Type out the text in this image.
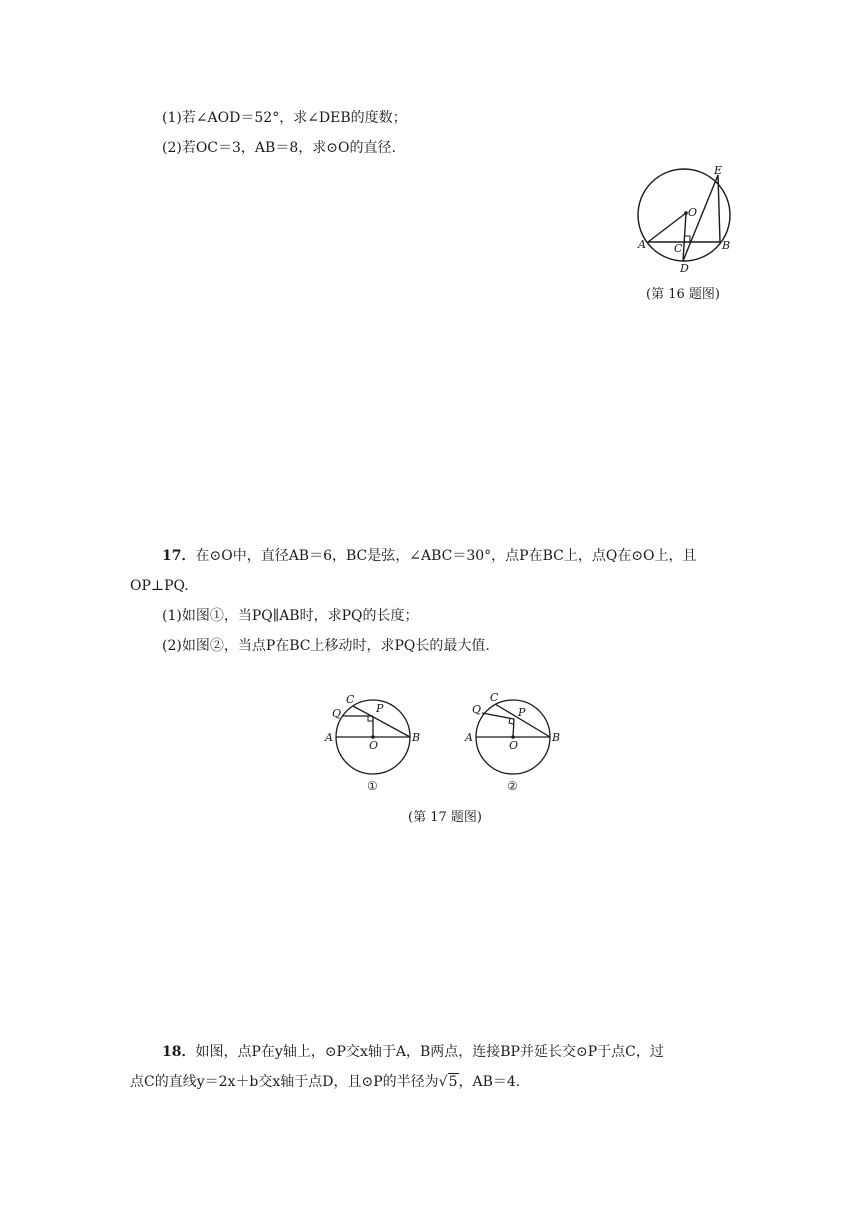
(1)若∠AOD＝52°，求∠DEB的度数；
(2)若OC＝3，AB＝8，求⊙O的直径.
O
E
A	C	B
D
(第 16 题图)
17．在⊙O中，直径AB＝6，BC是弦，∠ABC＝30°，点P在BC上，点Q在⊙O上，且
OP⊥PQ.
(1)如图①，当PQ∥AB时，求PQ的长度；
(2)如图②，当点P在BC上移动时，求PQ长的最大值.
C
Q	P
A
O
B
①
C
Q	P
A
O
B
②
(第 17 题图)
18．如图，点P在y轴上，⊙P交x轴于A，B两点，连接BP并延长交⊙P于点C，过
点C的直线y＝2x＋b交x轴于点D，且⊙P的半径为√5，AB＝4.
